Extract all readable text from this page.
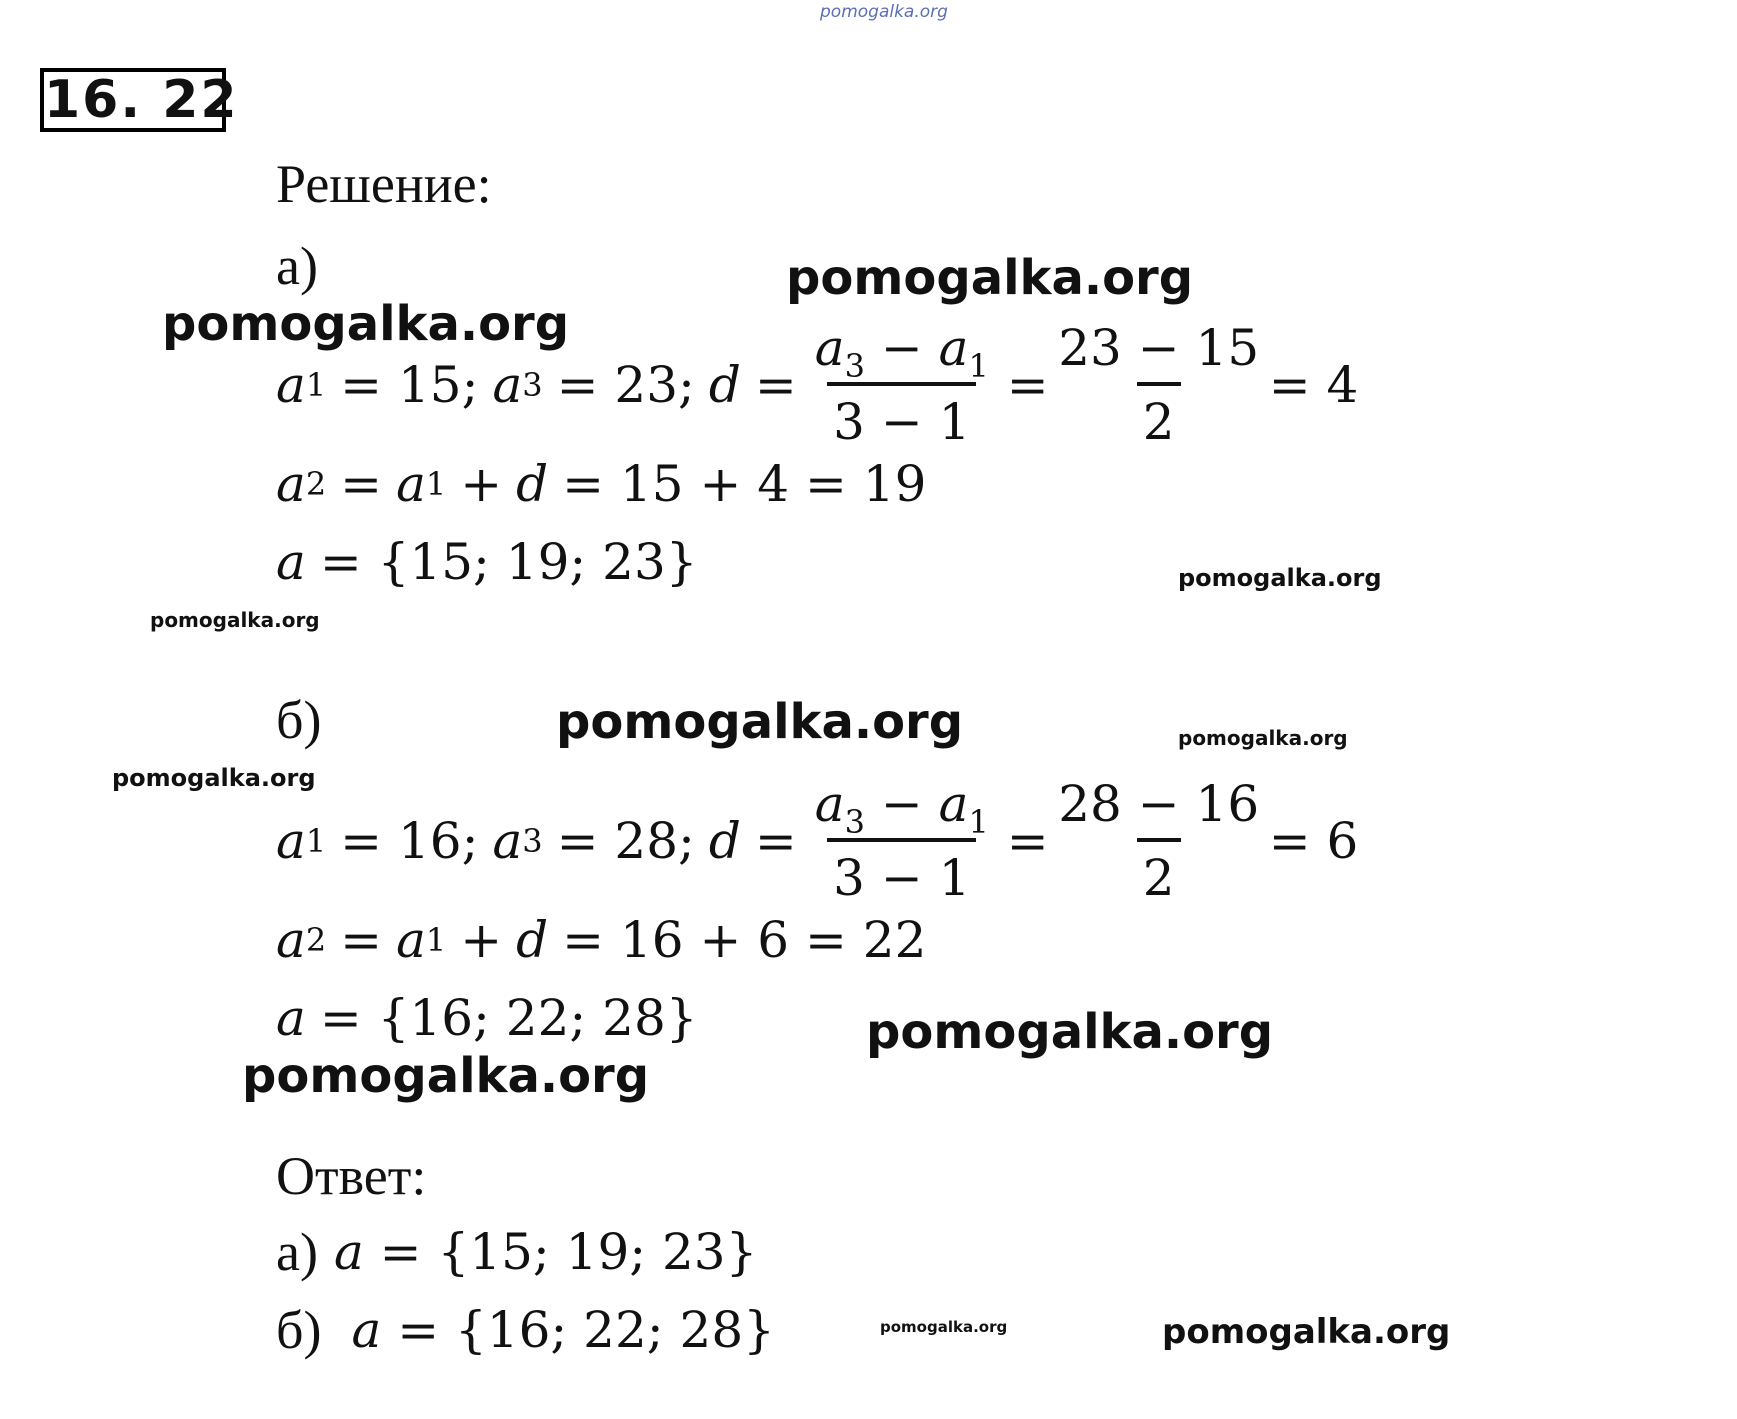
pomogalka.org
16. 22
Решение:
а)
a 1 = 15; a 3 = 23; $d = \frac{a_3 - a_1}{3 - 1} = \frac{23 - 15}{2} = 4$
a 2 = a 1 + d = 15 + 4 = 19
a = {15; 19; 23}
б)
a 1 = 16; a 3 = 28; $d = \frac{a_3 - a_1}{3 - 1} = \frac{28 - 16}{2} = 6$
a 2 = a 1 + d = 16 + 6 = 22
a = {16; 22; 28}
Ответ:
а) a = {15; 19; 23}
б) a = {16; 22; 28}
pomogalka.org
pomogalka.org
pomogalka.org
pomogalka.org
pomogalka.org	pomogalka.org
pomogalka.org
pomogalka.org
pomogalka.org
pomogalka.org	pomogalka.org
